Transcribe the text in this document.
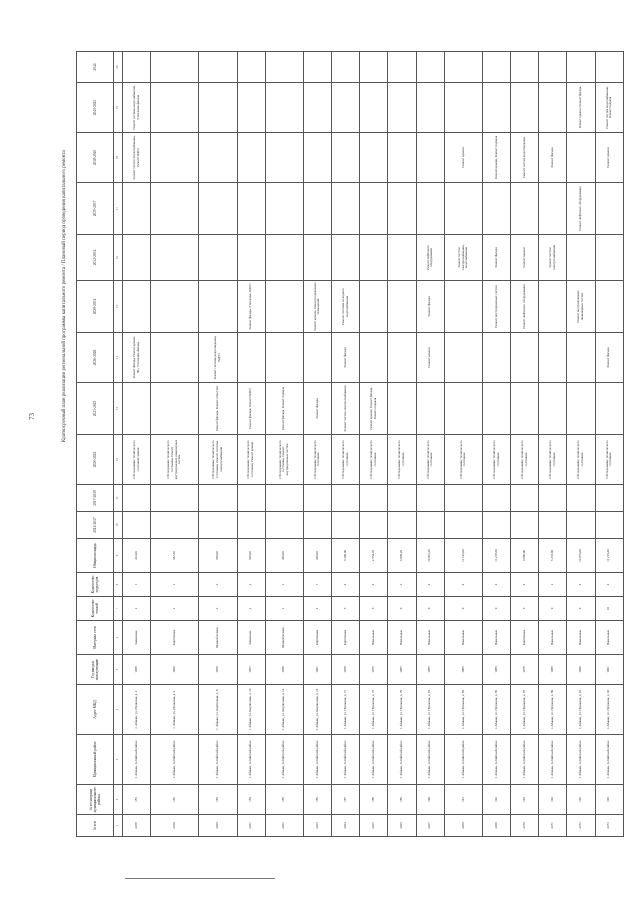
73	Краткосрочный план реализации региональной программы капитального ремонта / Плановый период проведения капитального ремонта
№ п/п	№ по матрице муниципального района	Муниципальный район	Адрес МКД	Год ввода в эксплуатацию	Материал стен	Количество этажей	Количество подъездов	Общая площадь	2014-2017	2017-2019	2020-2022	2023-2025	2026-2028	2029-2031	2032-2034	2035-2037	2038-2040	2041-2043	2044
1	2	3	4	5	6	7	8	9	10	11	12	13	14	15	16	17	18	19	20
2258	181	г. Абакан, Алтайский район	г. Абакан, ул. Пушкина, д. 2	1958	Каменные	2	1	412,00			Обследование технического состояния здания		Ремонт фасада, Ремонт крыши ЧС, Утепление фасада				Ремонт систем теплоснабжения, Ремонт ВДГО	Ремонт системы водоснабжения, Утепление фасада	
2259	182	г. Абакан, Алтайский район	г. Абакан, ул. Пушкина, д. 4	1960	Кирпичные	2	1	447,30			Обследование технического состояния, Ремонт внутридомовых инженерных систем								
2260	183	г. Абакан, Алтайский район	г. Абакан, ул. Кирпичная, д. 8	1959	Шлакоблочные	2	2	506,00			Обследование технического состояния, Ремонт системы электроснабжения	Ремонт фасада, Ремонт отмостки	Ремонт системы водоотведения, ВДГО						
2261	184	г. Абакан, Алтайский район	г. Абакан, ул. Кирпичная, д. 10	1957	Каменные	2	2	507,00			Обследование технического состояния, Ремонт крыши	Ремонт фасада, Ремонт ВДГО		Ремонт фасада, Утепление, ВДГО					
2262	185	г. Абакан, Алтайский район	г. Абакан, ул. Кирпичная, д. 12	1958	Шлакоблочные	2	2	495,00			Обследование технического состояния, Ремонт внутридомовых систем	Ремонт фасада, Ремонт подвала							
2263	186	г. Абакан, Алтайский район	г. Абакан, ул. Кирпичная, д. 14	1961	Кирпичные	2	1	405,00			Обследование технического состояния	Ремонт фасада		Ремонт крыши, Ремонт подвальных помещений					
2264	187	г. Абакан, Алтайский район	г. Абакан, ул. Пушкина, д. 71	1979	Кирпичные	5	4	3 290,00			Обследование технического состояния	Ремонт систем электроснабжения	Ремонт фасада	Ремонт системы холодного водоснабжения					
2265	188	г. Абакан, Алтайский район	г. Абакан, ул. Пушкина, д. 75	1976	Панельные	5	4	2 554,70			Обследование технического состояния	Ремонт крыши, Ремонт фасада, Ремонт подвала							
2266	189	г. Абакан, Алтайский район	г. Абакан, ул. Пушкина, д. 79	1985	Панельные	9	2	4 968,20			Обследование технического состояния								
2267	190	г. Абакан, Алтайский район	г. Абакан, ул. Пушкина, д. 81	1985	Панельные	9	4	10 901,20			Обследование технического состояния		Ремонт крыши	Ремонт фасада	Ремонт лифтового оборудования				
2268	191	г. Абакан, Алтайский район	г. Абакан, ул. Пушкина, д. 83	1986	Панельные	9	4	11 145,00			Обследование технического состояния				Ремонт систем электроснабжения, водоснабжения		Ремонт крыши		
2269	192	г. Абакан, Алтайский район	г. Абакан, ул. Пушкина, д. 85	1986	Панельные	9	4	11 218,60			Обследование технического состояния			Ремонт внутридомовых систем	Ремонт фасада		Ремонт крыши, Ремонт подвала		
2270	193	г. Абакан, Алтайский район	г. Абакан, ул. Пушкина, д. 87	1978	Кирпичные	5	4	3 980,00			Обследование технического состояния			Ремонт лифтового оборудования	Ремонт крыши		Ремонт систем водоотведения		
2271	194	г. Абакан, Алтайский район	г. Абакан, ул. Пушкина, д. 89	1988	Панельные	9	2	5 235,90			Обследование технического состояния				Ремонт систем электроснабжения		Ремонт фасада		
2272	195	г. Абакан, Алтайский район	г. Абакан, ул. Пушкина, д. 91	1990	Панельные	9	4	10 875,00			Обследование технического состояния			Ремонт внутридомовых инженерных систем		Ремонт лифтового оборудования		Ремонт крыши, Ремонт фасада	
2273	196	г. Абакан, Алтайский район	г. Абакан, ул. Пушкина, д. 93	1991	Панельные	10	4	11 219,40			Обследование технического состояния		Ремонт фасада				Ремонт крыши	Ремонт систем водоснабжения, Ремонт подвала	
